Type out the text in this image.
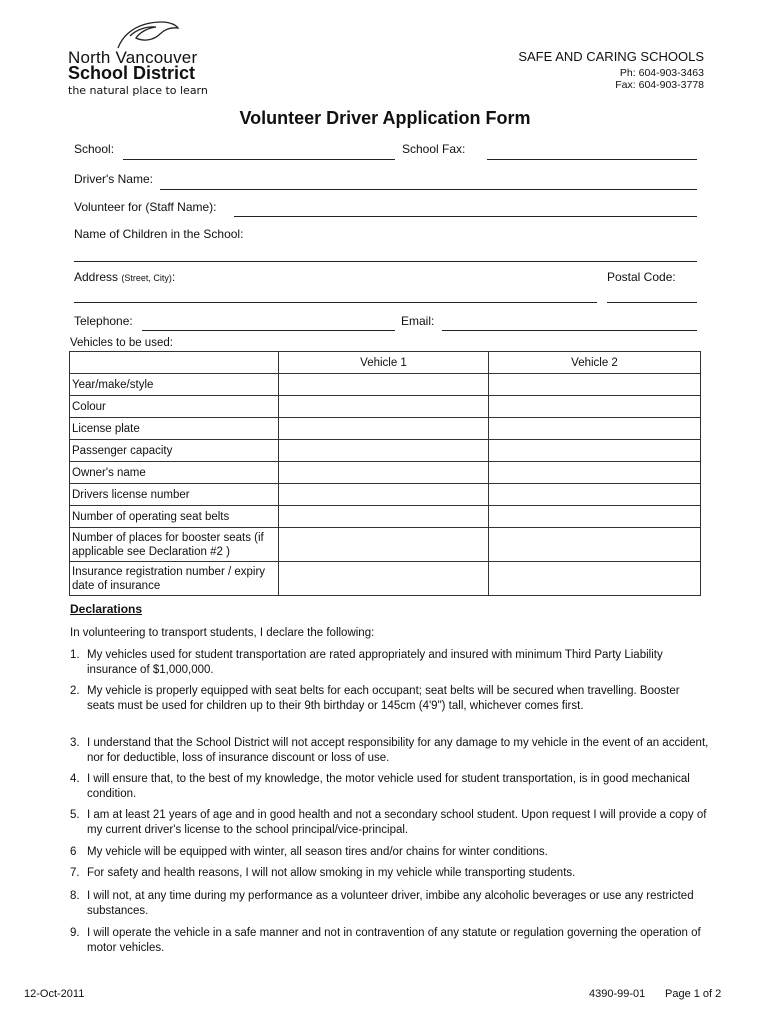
North Vancouver
School District
the natural place to learn
SAFE AND CARING SCHOOLS
Ph: 604-903-3463
Fax: 604-903-3778
Volunteer Driver Application Form
School:	School Fax:
Driver's Name:
Volunteer for (Staff Name):
Name of Children in the School:
Address (Street, City):	Postal Code:
Telephone:	Email:
Vehicles to be used:
	Vehicle 1	Vehicle 2
Year/make/style		
Colour		
License plate		
Passenger capacity		
Owner's name		
Drivers license number		
Number of operating seat belts		
Number of places for booster seats (if applicable see Declaration #2 )		
Insurance registration number / expiry date of insurance		
Declarations
In volunteering to transport students, I declare the following:
1. My vehicles used for student transportation are rated appropriately and insured with minimum Third Party Liability insurance of $1,000,000.
2. My vehicle is properly equipped with seat belts for each occupant; seat belts will be secured when travelling. Booster seats must be used for children up to their 9th birthday or 145cm (4'9") tall, whichever comes first.
3. I understand that the School District will not accept responsibility for any damage to my vehicle in the event of an accident, nor for deductible, loss of insurance discount or loss of use.
4. I will ensure that, to the best of my knowledge, the motor vehicle used for student transportation, is in good mechanical condition.
5. I am at least 21 years of age and in good health and not a secondary school student. Upon request I will provide a copy of my current driver's license to the school principal/vice-principal.
6 My vehicle will be equipped with winter, all season tires and/or chains for winter conditions.
7. For safety and health reasons, I will not allow smoking in my vehicle while transporting students.
8. I will not, at any time during my performance as a volunteer driver, imbibe any alcoholic beverages or use any restricted substances.
9. I will operate the vehicle in a safe manner and not in contravention of any statute or regulation governing the operation of motor vehicles.
12-Oct-2011	4390-99-01 Page 1 of 2
